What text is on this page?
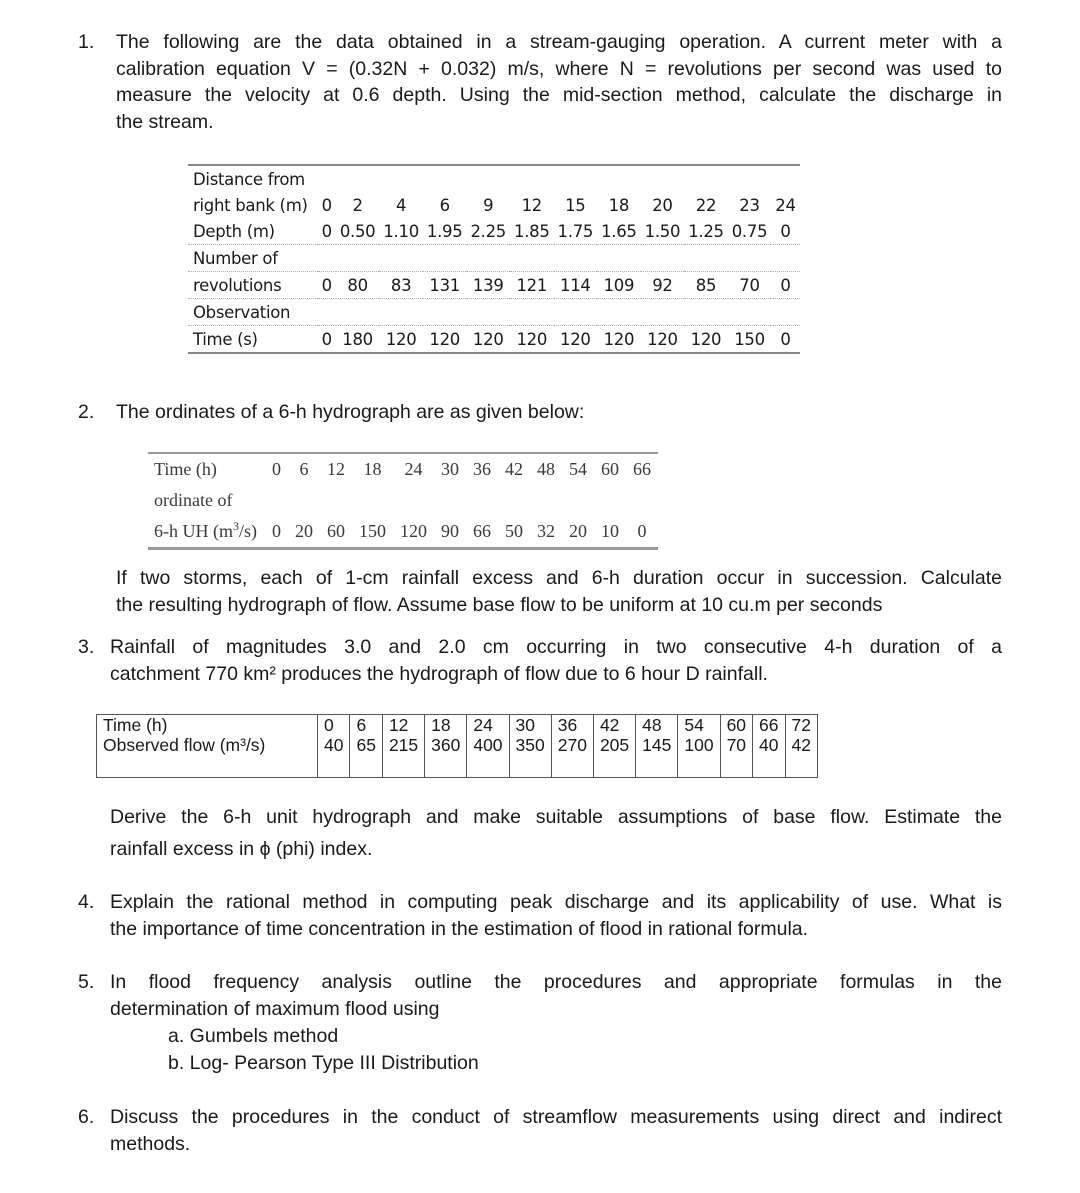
1. The following are the data obtained in a stream-gauging operation. A current meter with a
calibration equation V = (0.32N + 0.032) m/s, where N = revolutions per second was used to
measure the velocity at 0.6 depth. Using the mid-section method, calculate the discharge in
the stream.
Distance from												
right bank (m)	0	2	4	6	9	12	15	18	20	22	23	24
Depth (m)	0	0.50	1.10	1.95	2.25	1.85	1.75	1.65	1.50	1.25	0.75	0
Number of												
revolutions	0	80	83	131	139	121	114	109	92	85	70	0
Observation												
Time (s)	0	180	120	120	120	120	120	120	120	120	150	0
2. The ordinates of a 6-h hydrograph are as given below:
Time (h)	0	6	12	18	24	30	36	42	48	54	60	66
ordinate of												
6-h UH $(m^3/s)$	0	20	60	150	120	90	66	50	32	20	10	0
If two storms, each of 1-cm rainfall excess and 6-h duration occur in succession. Calculate
the resulting hydrograph of flow. Assume base flow to be uniform at 10 cu.m per seconds
3. Rainfall of magnitudes 3.0 and 2.0 cm occurring in two consecutive 4-h duration of a
catchment 770 km² produces the hydrograph of flow due to 6 hour D rainfall.
Time (h)	0	6	12	18	24	30	36	42	48	54	60	66	72
Observed flow (m³/s)	40	65	215	360	400	350	270	205	145	100	70	40	42
Derive the 6-h unit hydrograph and make suitable assumptions of base flow. Estimate the
rainfall excess in ϕ (phi) index.
4. Explain the rational method in computing peak discharge and its applicability of use. What is
the importance of time concentration in the estimation of flood in rational formula.
5. In flood frequency analysis outline the procedures and appropriate formulas in the
determination of maximum flood using
a. Gumbels method
b. Log- Pearson Type III Distribution
6. Discuss the procedures in the conduct of streamflow measurements using direct and indirect
methods.
